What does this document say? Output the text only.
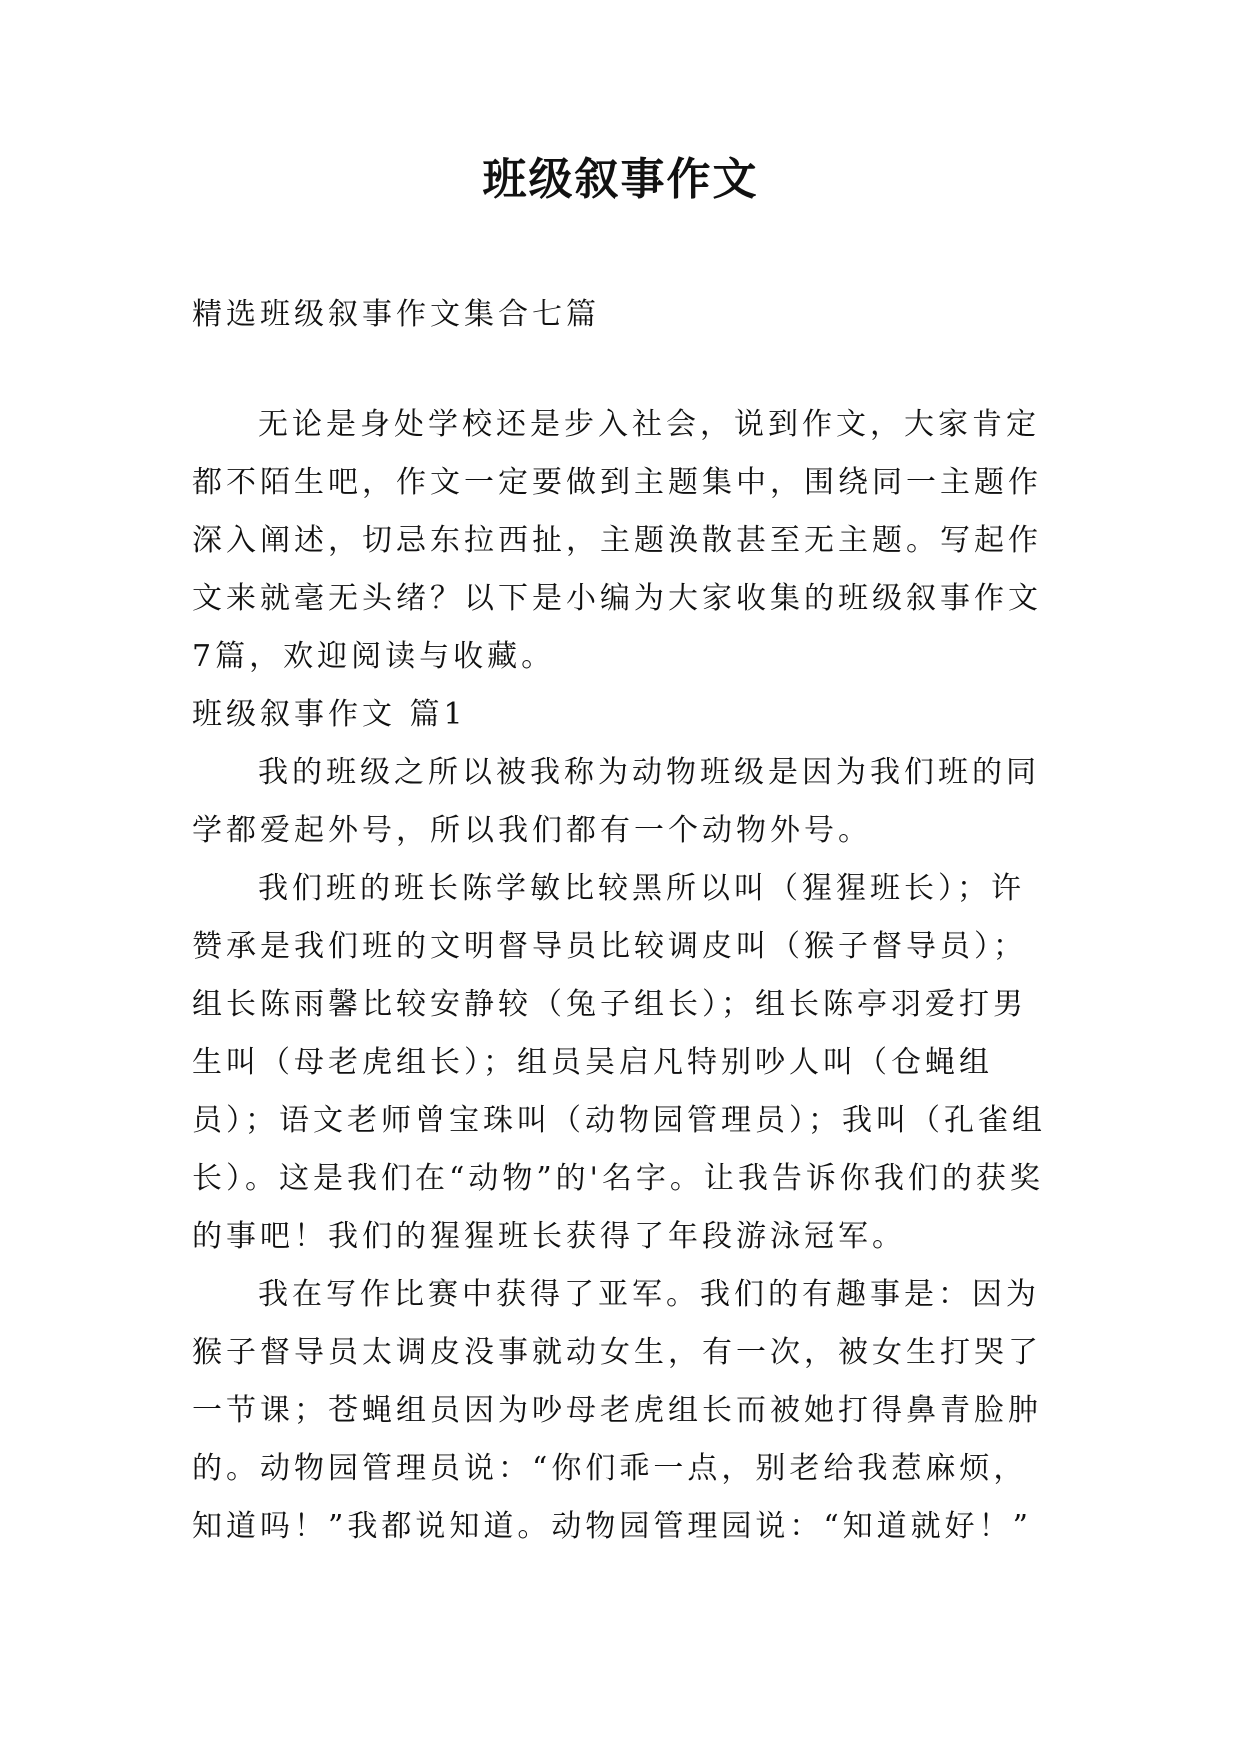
班级叙事作文

精选班级叙事作文集合七篇

无论是身处学校还是步入社会，说到作文，大家肯定都不陌生吧，作文一定要做到主题集中，围绕同一主题作深入阐述，切忌东拉西扯，主题涣散甚至无主题。写起作文来就毫无头绪？以下是小编为大家收集的班级叙事作文7篇，欢迎阅读与收藏。

班级叙事作文 篇1

我的班级之所以被我称为动物班级是因为我们班的同学都爱起外号，所以我们都有一个动物外号。

我们班的班长陈学敏比较黑所以叫（猩猩班长）；许赞承是我们班的文明督导员比较调皮叫（猴子督导员）；组长陈雨馨比较安静较（兔子组长）；组长陈亭羽爱打男生叫（母老虎组长）；组员吴启凡特别吵人叫（仓蝇组员）；语文老师曾宝珠叫（动物园管理员）；我叫（孔雀组长）。这是我们在“动物”的'名字。让我告诉你我们的获奖的事吧！我们的猩猩班长获得了年段游泳冠军。

我在写作比赛中获得了亚军。我们的有趣事是：因为猴子督导员太调皮没事就动女生，有一次，被女生打哭了一节课；苍蝇组员因为吵母老虎组长而被她打得鼻青脸肿的。动物园管理员说：“你们乖一点，别老给我惹麻烦，知道吗！”我都说知道。动物园管理园说：“知道就好！”
